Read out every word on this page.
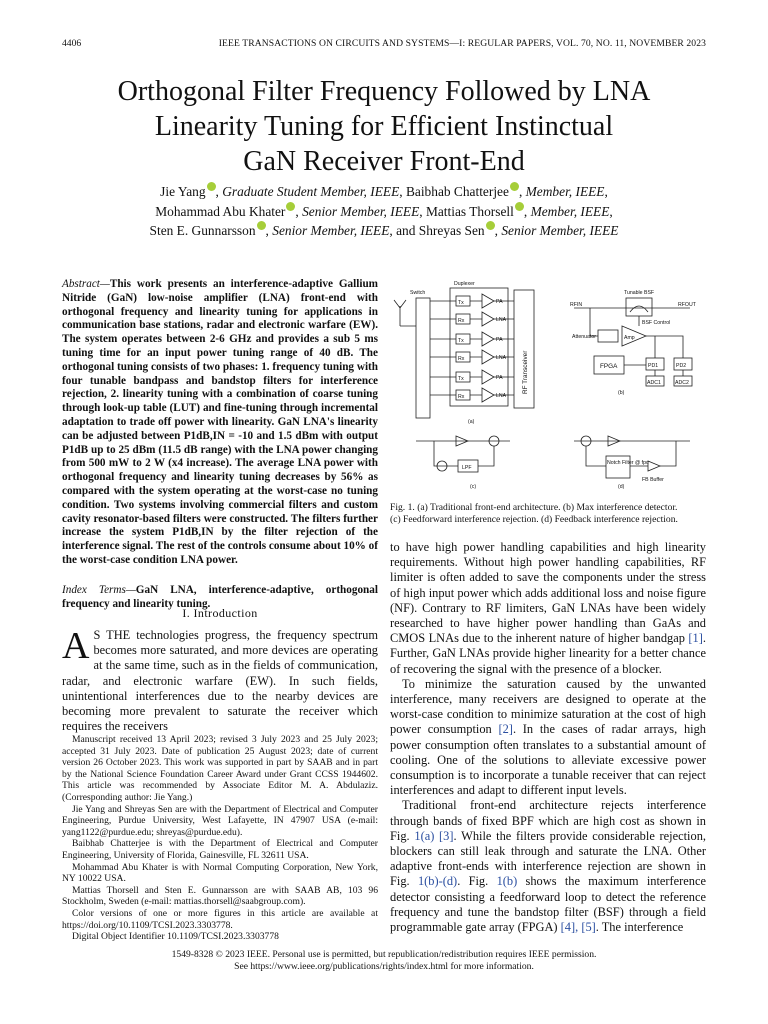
4406	IEEE TRANSACTIONS ON CIRCUITS AND SYSTEMS—I: REGULAR PAPERS, VOL. 70, NO. 11, NOVEMBER 2023
Orthogonal Filter Frequency Followed by LNA
Linearity Tuning for Efficient Instinctual
GaN Receiver Front-End
Jie Yang , Graduate Student Member, IEEE, Baibhab Chatterjee , Member, IEEE,
Mohammad Abu Khater , Senior Member, IEEE, Mattias Thorsell , Member, IEEE,
Sten E. Gunnarsson , Senior Member, IEEE, and Shreyas Sen , Senior Member, IEEE
Abstract—This work presents an interference-adaptive Gallium Nitride (GaN) low-noise amplifier (LNA) front-end with orthogonal frequency and linearity tuning for applications in communication base stations, radar and electronic warfare (EW). The system operates between 2-6 GHz and provides a sub 5 ms tuning time for an input power tuning range of 40 dB. The orthogonal tuning consists of two phases: 1. frequency tuning with four tunable bandpass and bandstop filters for interference rejection, 2. linearity tuning with a combination of coarse tuning through look-up table (LUT) and fine-tuning through incremental adaptation to trade off power with linearity. GaN LNA's linearity can be adjusted between P1dB,IN = -10 and 1.5 dBm with output P1dB up to 25 dBm (11.5 dB range) with the LNA power changing from 500 mW to 2 W (x4 increase). The average LNA power with orthogonal frequency and linearity tuning decreases by 56% as compared with the system operating at the worst-case no tuning condition. Two systems involving commercial filters and custom cavity resonator-based filters were constructed. The filters further increase the system P1dB,IN by the filter rejection of the interference signal. The rest of the controls consume about 10% of the worst-case condition LNA power.
Index Terms—GaN LNA, interference-adaptive, orthogonal frequency and linearity tuning.
I. Introduction
A S THE technologies progress, the frequency spectrum becomes more saturated, and more devices are operating at the same time, such as in the fields of communication, radar, and electronic warfare (EW). In such fields, unintentional interferences due to the nearby devices are becoming more prevalent to saturate the receiver which requires the receivers

Manuscript received 13 April 2023; revised 3 July 2023 and 25 July 2023; accepted 31 July 2023. Date of publication 25 August 2023; date of current version 26 October 2023. This work was supported in part by SAAB and in part by the National Science Foundation Career Award under Grant CCSS 1944602. This article was recommended by Associate Editor M. A. Abdulaziz. (Corresponding author: Jie Yang.)

Jie Yang and Shreyas Sen are with the Department of Electrical and Computer Engineering, Purdue University, West Lafayette, IN 47907 USA (e-mail: yang1122@purdue.edu; shreyas@purdue.edu).

Baibhab Chatterjee is with the Department of Electrical and Computer Engineering, University of Florida, Gainesville, FL 32611 USA.

Mohammad Abu Khater is with Normal Computing Corporation, New York, NY 10022 USA.

Mattias Thorsell and Sten E. Gunnarsson are with SAAB AB, 103 96 Stockholm, Sweden (e-mail: mattias.thorsell@saabgroup.com).

Color versions of one or more figures in this article are available at https://doi.org/10.1109/TCSI.2023.3303778.

Digital Object Identifier 10.1109/TCSI.2023.3303778

Duplexer
Switch
Tx
Rx
Tx
Rx
Tx
Rx
PA
LNA
PA
LNA
PA
LNA
RF Transceiver
(a)
Tunable BSF
RFIN	RFOUT
BSF Control
Attenuator	Amp
FPGA	PD1	PD2
ADC1	ADC2
(b)
LPF
(c)
Notch Filter @ fpc
FB Buffer
(d)
Fig. 1. (a) Traditional front-end architecture. (b) Max interference detector.
(c) Feedforward interference rejection. (d) Feedback interference rejection.

to have high power handling capabilities and high linearity requirements. Without high power handling capabilities, RF limiter is often added to save the components under the stress of high input power which adds additional loss and noise figure (NF). Contrary to RF limiters, GaN LNAs have been widely researched to have higher power handling than GaAs and CMOS LNAs due to the inherent nature of higher bandgap [1]. Further, GaN LNAs provide higher linearity for a better chance of recovering the signal with the presence of a blocker.

To minimize the saturation caused by the unwanted interference, many receivers are designed to operate at the worst-case condition to minimize saturation at the cost of high power consumption [2]. In the cases of radar arrays, high power consumption often translates to a substantial amount of cooling. One of the solutions to alleviate excessive power consumption is to incorporate a tunable receiver that can reject interferences and adapt to different input levels.

Traditional front-end architecture rejects interference through bands of fixed BPF which are high cost as shown in Fig. 1(a) [3]. While the filters provide considerable rejection, blockers can still leak through and saturate the LNA. Other adaptive front-ends with interference rejection are shown in Fig. 1(b)-(d). Fig. 1(b) shows the maximum interference detector consisting a feedforward loop to detect the reference frequency and tune the bandstop filter (BSF) through a field programmable gate array (FPGA) [4], [5]. The interference

1549-8328 © 2023 IEEE. Personal use is permitted, but republication/redistribution requires IEEE permission.
See https://www.ieee.org/publications/rights/index.html for more information.
